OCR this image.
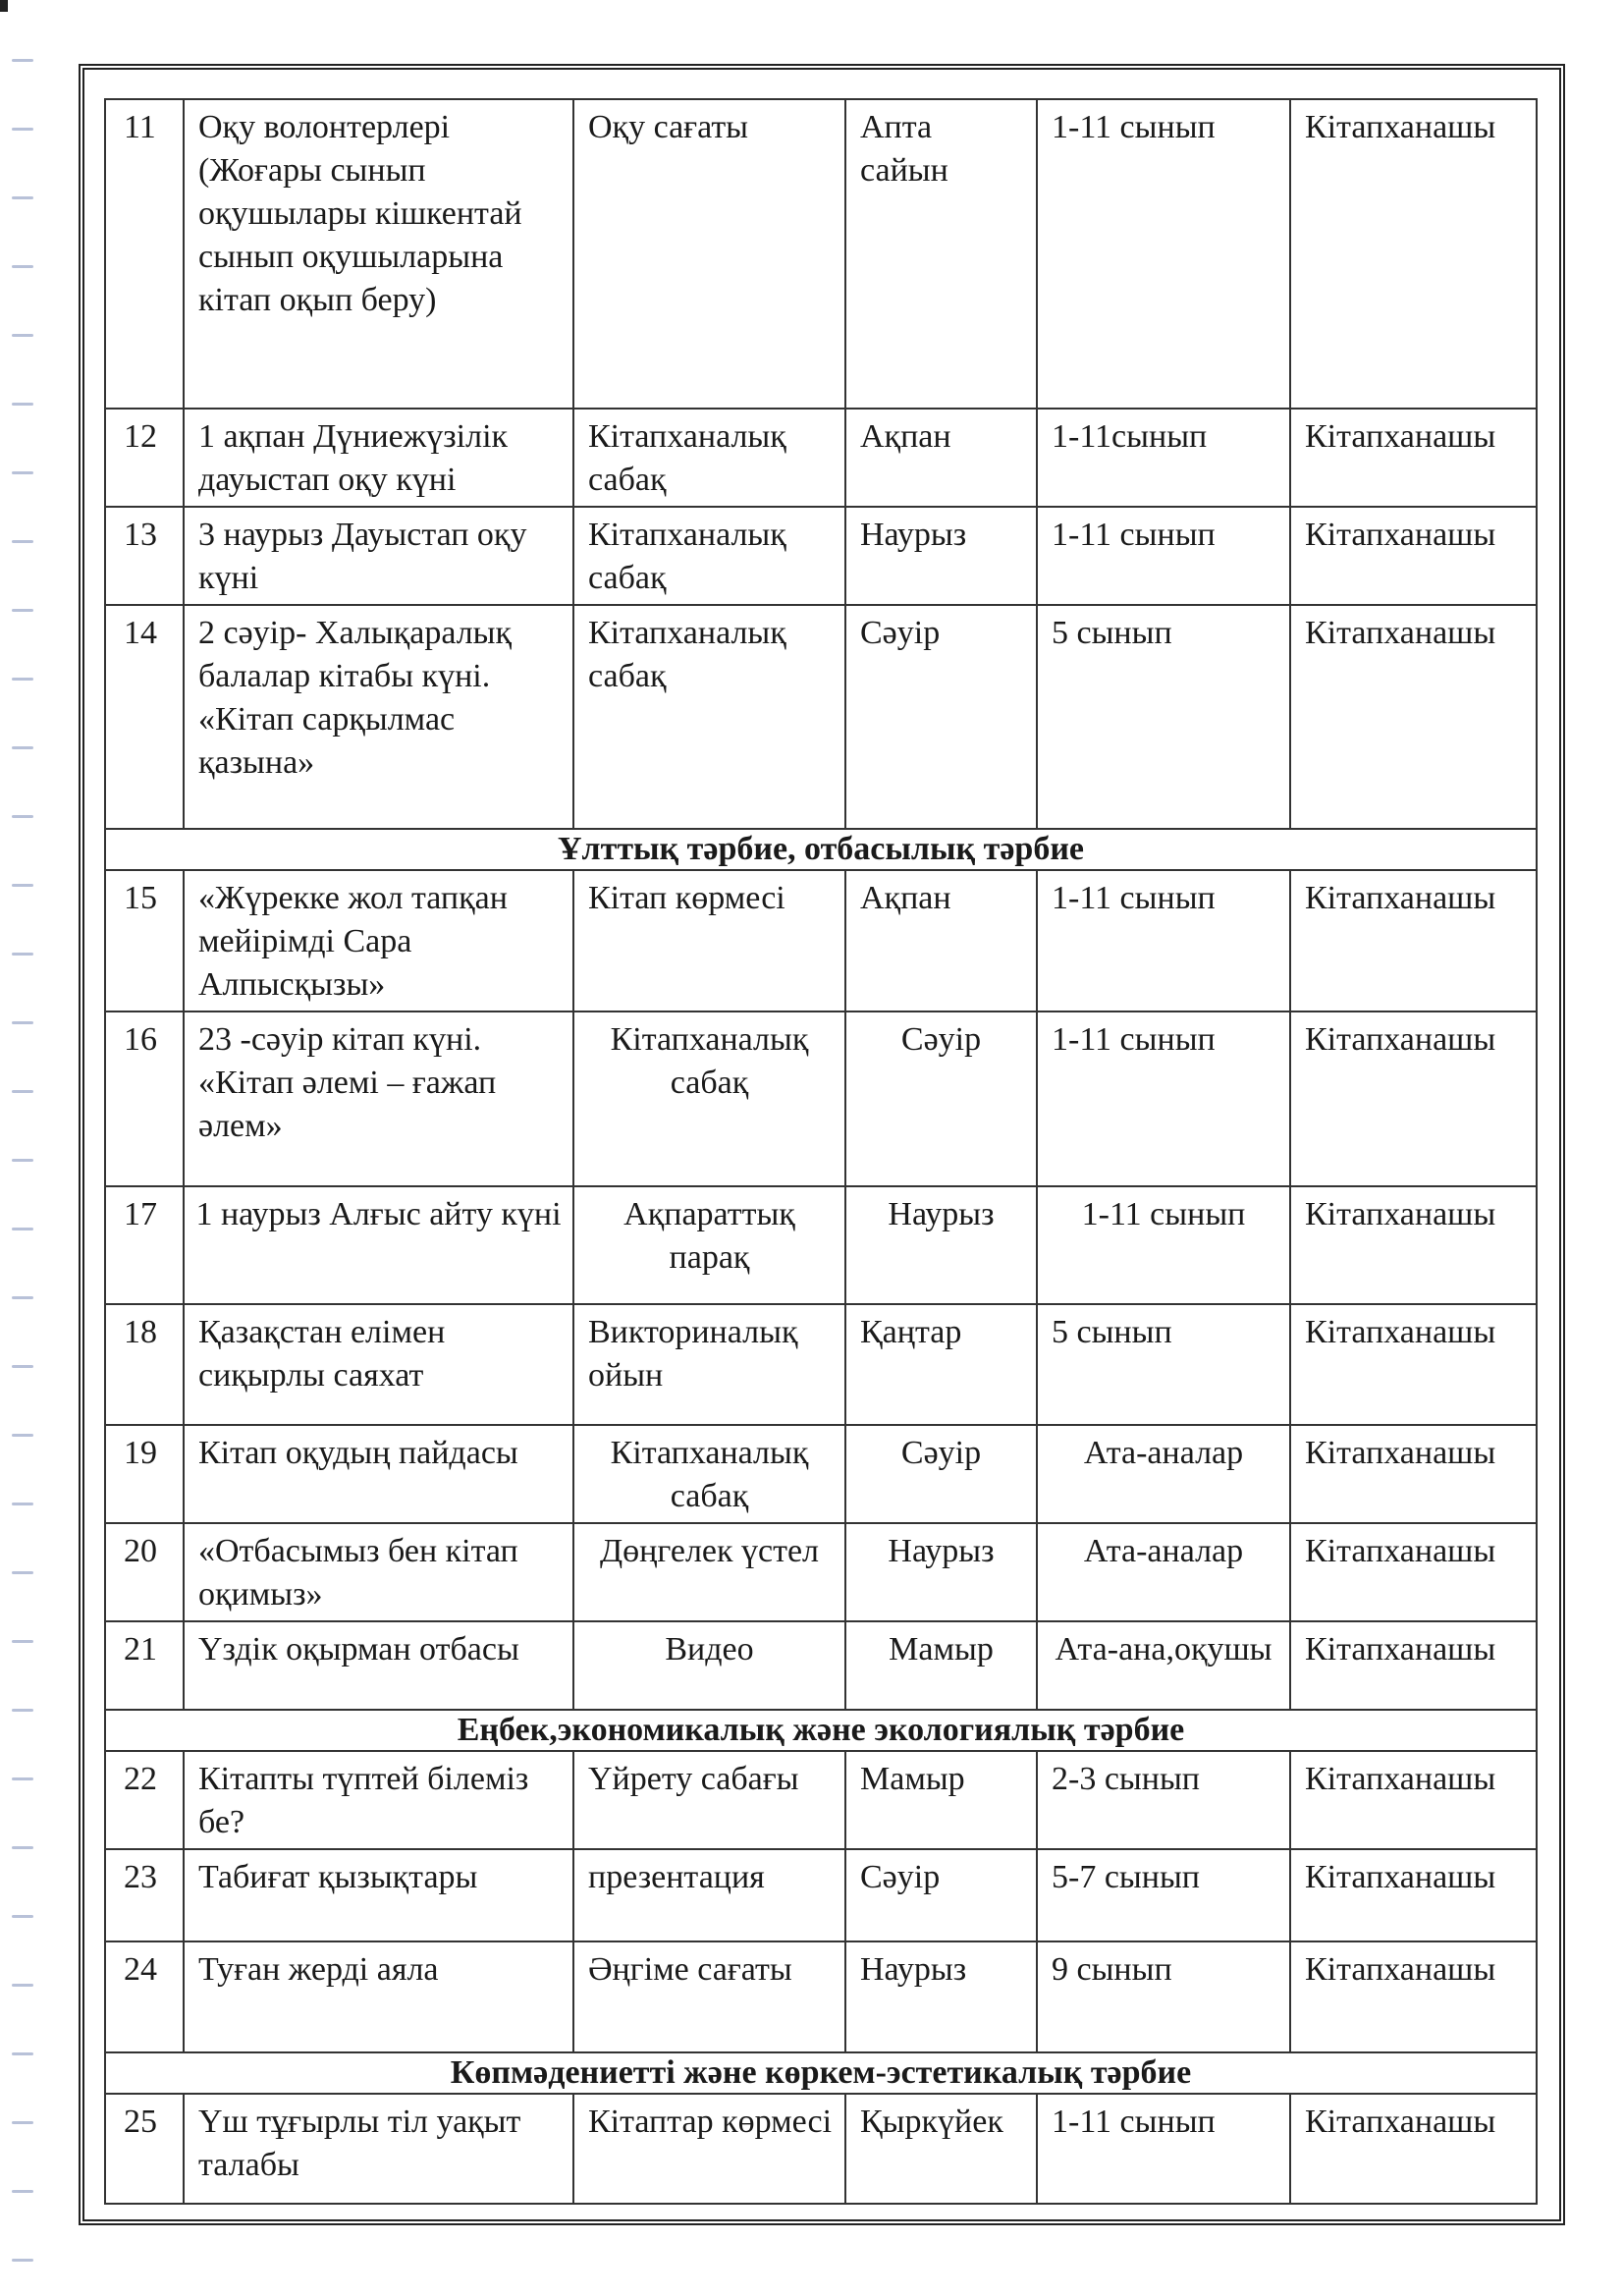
11	Оқу волонтерлері (Жоғары сынып оқушылары кішкентай сынып оқушыларына кітап оқып беру)	Оқу сағаты	Апта сайын	1-11 сынып	Кітапханашы
12	1 ақпан Дүниежүзілік дауыстап оқу күні	Кітапханалық сабақ	Ақпан	1-11сынып	Кітапханашы
13	3 наурыз Дауыстап оқу күні	Кітапханалық сабақ	Наурыз	1-11 сынып	Кітапханашы
14	2 сәуір- Халықаралық балалар кітабы күні. «Кітап сарқылмас қазына»	Кітапханалық сабақ	Сәуір	5 сынып	Кітапханашы
Ұлттық тәрбие, отбасылық тәрбие					
15	«Жүрекке жол тапқан мейірімді Сара Алпысқызы»	Кітап көрмесі	Ақпан	1-11 сынып	Кітапханашы
16	23 -сәуір кітап күні. «Кітап әлемі – ғажап әлем»	Кітапханалық сабақ	Сәуір	1-11 сынып	Кітапханашы
17	1 наурыз Алғыс айту күні	Ақпараттық парақ	Наурыз	1-11 сынып	Кітапханашы
18	Қазақстан елімен сиқырлы саяхат	Викториналық ойын	Қаңтар	5 сынып	Кітапханашы
19	Кітап оқудың пайдасы	Кітапханалық сабақ	Сәуір	Ата-аналар	Кітапханашы
20	«Отбасымыз бен кітап оқимыз»	Дөңгелек үстел	Наурыз	Ата-аналар	Кітапханашы
21	Үздік оқырман отбасы	Видео	Мамыр	Ата-ана,оқушы	Кітапханашы
Еңбек,экономикалық және экологиялық тәрбие					
22	Кітапты түптей білеміз бе?	Үйрету сабағы	Мамыр	2-3 сынып	Кітапханашы
23	Табиғат қызықтары	презентация	Сәуір	5-7 сынып	Кітапханашы
24	Туған жерді аяла	Әңгіме сағаты	Наурыз	9 сынып	Кітапханашы
Көпмәдениетті және көркем-эстетикалық тәрбие					
25	Үш тұғырлы тіл уақыт талабы	Кітаптар көрмесі	Қыркүйек	1-11 сынып	Кітапханашы
